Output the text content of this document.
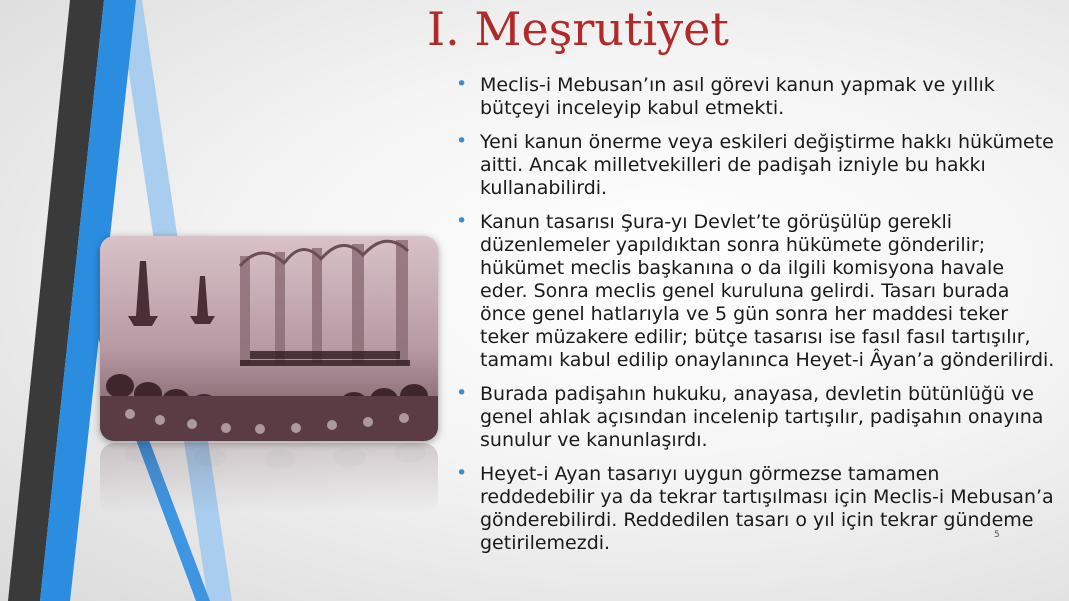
I. Meşrutiyet
• Meclis-i Mebusan’ın asıl görevi kanun yapmak ve yıllık bütçeyi inceleyip kabul etmekti.
• Yeni kanun önerme veya eskileri değiştirme hakkı hükümete aitti. Ancak milletvekilleri de padişah izniyle bu hakkı kullanabilirdi.
• Kanun tasarısı Şura-yı Devlet’te görüşülüp gerekli düzenlemeler yapıldıktan sonra hükümete gönderilir; hükümet meclis başkanına o da ilgili komisyona havale eder. Sonra meclis genel kuruluna gelirdi. Tasarı burada önce genel hatlarıyla ve 5 gün sonra her maddesi teker teker müzakere edilir; bütçe tasarısı ise fasıl fasıl tartışılır, tamamı kabul edilip onaylanınca Heyet-i Âyan’a gönderilirdi.
• Burada padişahın hukuku, anayasa, devletin bütünlüğü ve genel ahlak açısından incelenip tartışılır, padişahın onayına sunulur ve kanunlaşırdı.
• Heyet-i Ayan tasarıyı uygun görmezse tamamen reddedebilir ya da tekrar tartışılması için Meclis-i Mebusan’a gönderebilirdi. Reddedilen tasarı o yıl için tekrar gündeme getirilemezdi.	5
